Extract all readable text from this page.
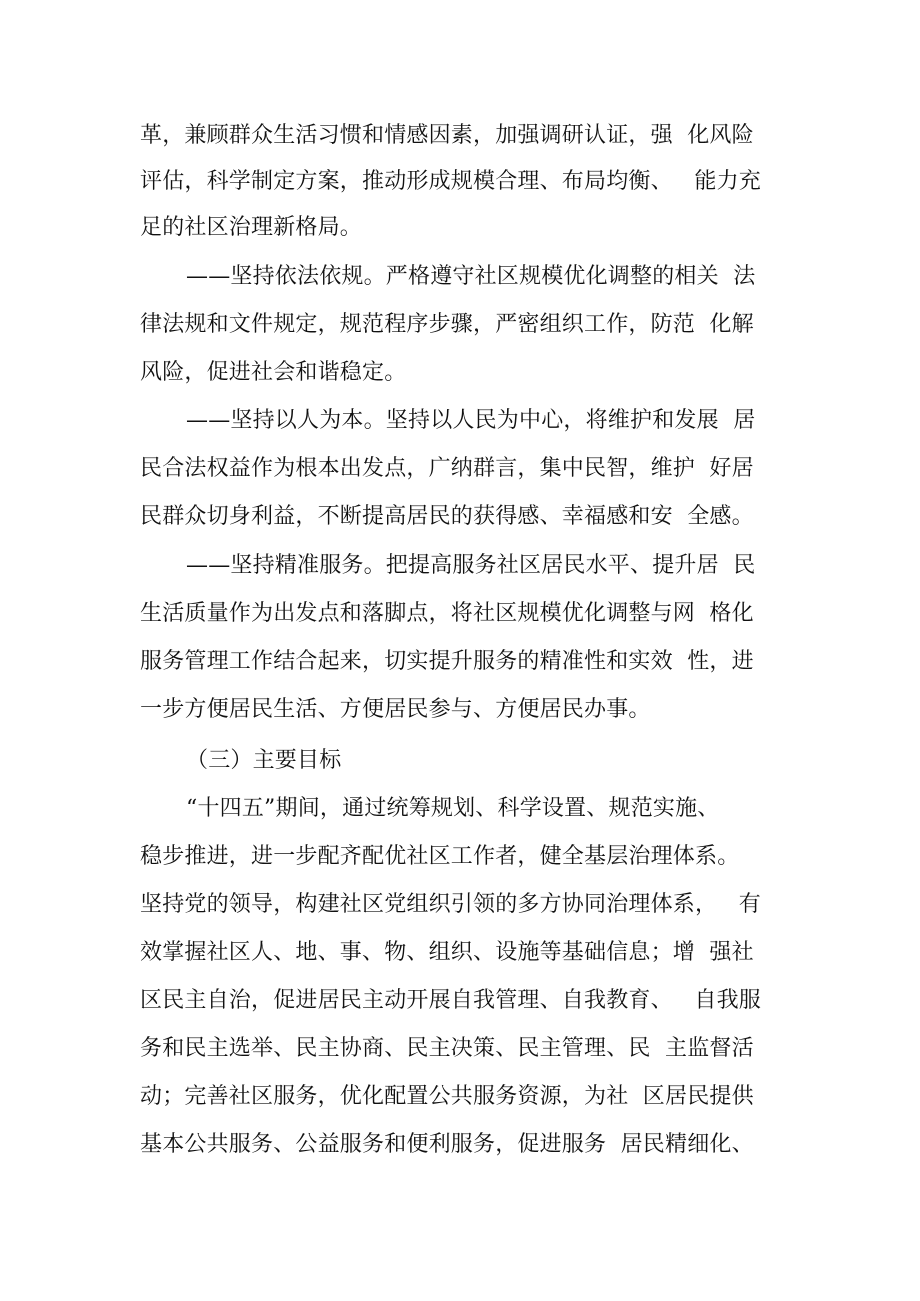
革，兼顾群众生活习惯和情感因素，加强调研认证，强  化风险
评估，科学制定方案，推动形成规模合理、布局均衡、   能力充
足的社区治理新格局。
——坚持依法依规。严格遵守社区规模优化调整的相关  法
律法规和文件规定，规范程序步骤，严密组织工作，防范  化解
风险，促进社会和谐稳定。
——坚持以人为本。坚持以人民为中心，将维护和发展  居
民合法权益作为根本出发点，广纳群言，集中民智，维护  好居
民群众切身利益，不断提高居民的获得感、幸福感和安  全感。
——坚持精准服务。把提高服务社区居民水平、提升居  民
生活质量作为出发点和落脚点，将社区规模优化调整与网  格化
服务管理工作结合起来，切实提升服务的精准性和实效  性，进
一步方便居民生活、方便居民参与、方便居民办事。
（三）主要目标
“十四五”期间，通过统筹规划、科学设置、规范实施、
稳步推进，进一步配齐配优社区工作者，健全基层治理体系。
坚持党的领导，构建社区党组织引领的多方协同治理体系，   有
效掌握社区人、地、事、物、组织、设施等基础信息；增  强社
区民主自治，促进居民主动开展自我管理、自我教育、   自我服
务和民主选举、民主协商、民主决策、民主管理、民  主监督活
动；完善社区服务，优化配置公共服务资源，为社  区居民提供
基本公共服务、公益服务和便利服务，促进服务  居民精细化、
